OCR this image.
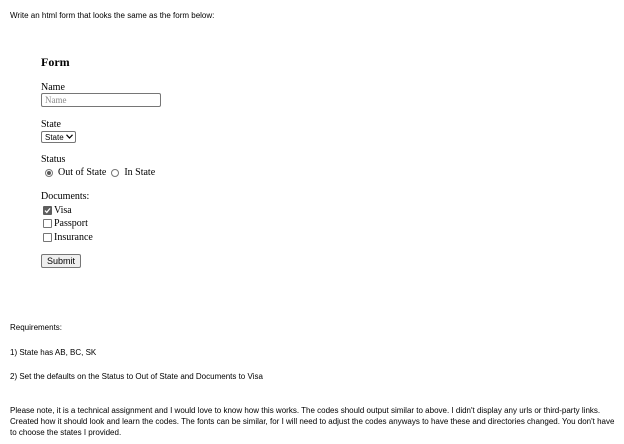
Write an html form that looks the same as the form below:

Form

Name

Name

State

State

Status

Out of State In State

Documents:

Visa
Passport
Insurance
Submit

Requirements:

1) State has AB, BC, SK

2) Set the defaults on the Status to Out of State and Documents to Visa

Please note, it is a technical assignment and I would love to know how this works. The codes should output similar to above. I didn't display any urls or third-party links.

Created how it should look and learn the codes. The fonts can be similar, for I will need to adjust the codes anyways to have these and directories changed. You don't have

to choose the states I provided.
